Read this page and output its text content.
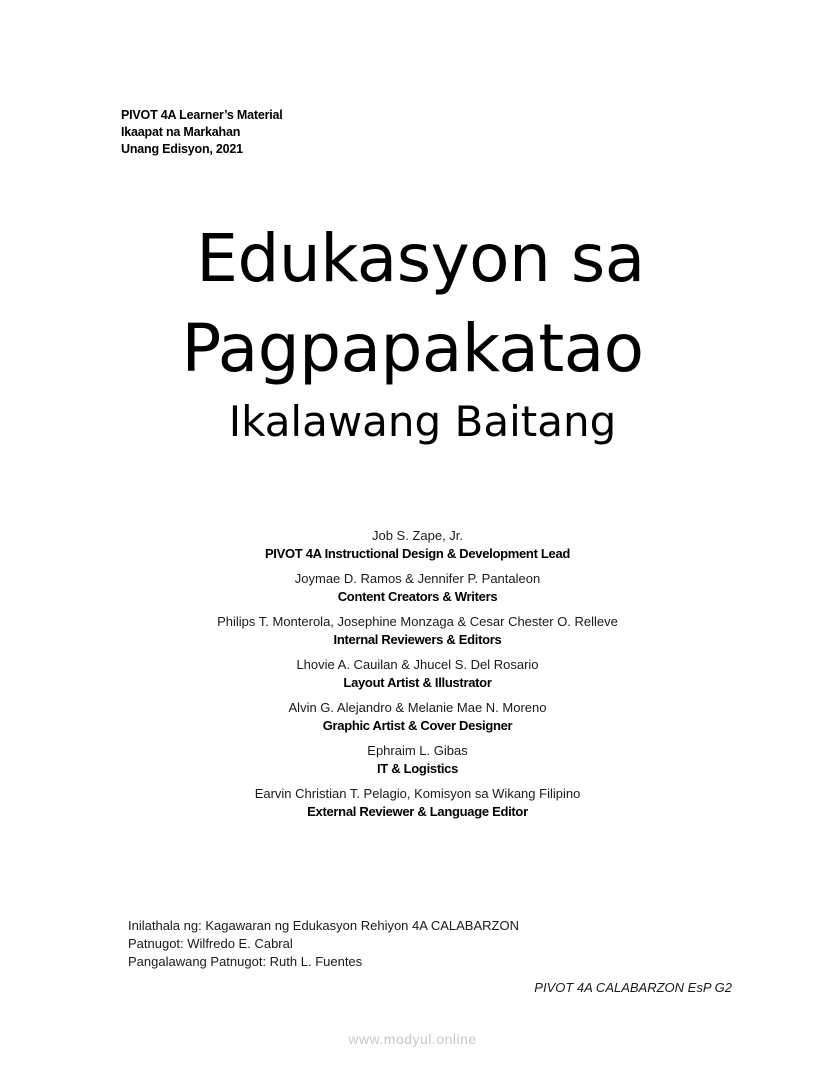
PIVOT 4A Learner’s Material
Ikaapat na Markahan
Unang Edisyon, 2021
Edukasyon sa
Pagpapakatao
Ikalawang Baitang
Job S. Zape, Jr.
PIVOT 4A Instructional Design & Development Lead
Joymae D. Ramos & Jennifer P. Pantaleon
Content Creators & Writers
Philips T. Monterola, Josephine Monzaga & Cesar Chester O. Relleve
Internal Reviewers & Editors
Lhovie A. Cauilan & Jhucel S. Del Rosario
Layout Artist & Illustrator
Alvin G. Alejandro & Melanie Mae N. Moreno
Graphic Artist & Cover Designer
Ephraim L. Gibas
IT & Logistics
Earvin Christian T. Pelagio, Komisyon sa Wikang Filipino
External Reviewer & Language Editor
Inilathala ng: Kagawaran ng Edukasyon Rehiyon 4A CALABARZON
Patnugot: Wilfredo E. Cabral
Pangalawang Patnugot: Ruth L. Fuentes
PIVOT 4A CALABARZON EsP G2
www.modyul.online
